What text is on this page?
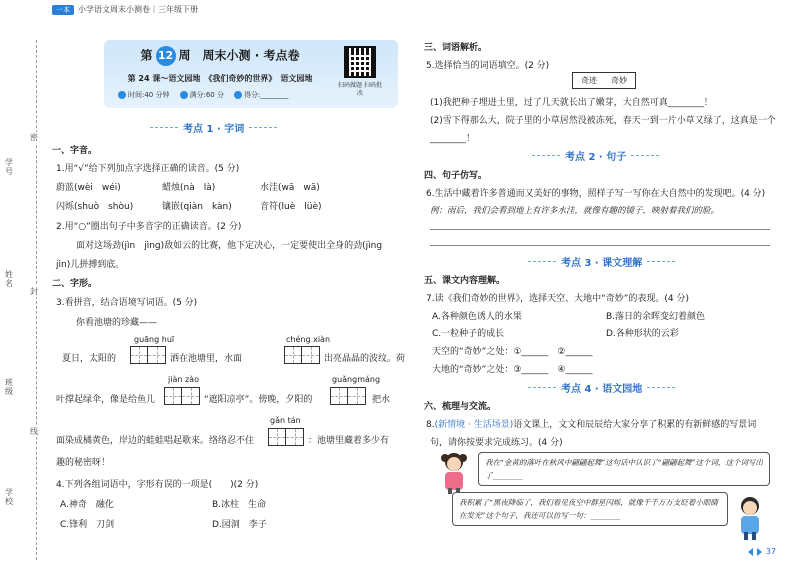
学号
姓名
班级
学校
密
封
线
一本	小学语文周末小测卷｜三年级下册
第 12 周　周末小测 · 考点卷
第 24 课～语文园地　《我们奇妙的世界》　语文园地
时间:40 分钟	满分:60 分	得分:________
扫码做题 扫码批改
考点 1 · 字词
一、字音。
1.用“√”给下列加点字选择正确的读音。(5 分)
蔚蓝(wèi　wéi)	蜡烛(nà　là)	水洼(wā　wā)
闪烁(shuò　shòu)	镶嵌(qiàn　kàn)	音符(luè　lüè)
2.用“○”圈出句子中多音字的正确读音。(2 分)
面对这场劲(jìn　jìng)敌如云的比赛，他下定决心，一定要使出全身的劲(jìng
jìn)儿拼搏到底。
二、字形。
3.看拼音，结合语境写词语。(5 分)
你看池塘的珍藏——
guāng huī	chéng xiàn
夏日，太阳的	洒在池塘里，水面	出亮晶晶的波纹。荷
jiàn zào	guǎngmáng
叶撑起绿伞，像是给鱼儿	“遮阳凉亭”。傍晚，夕阳的	把水
gǎn tán
面染成橘黄色，岸边的蛙蛙唱起歌来。络络忍不住	：池塘里藏着多少有
趣的秘密呀！
4.下列各组词语中，字形有误的一项是(　　)(2 分)
A.神奇　融化	B.冰柱　生命
C.锋利　刀剑	D.园洞　李子
三、词语解析。
5.选择恰当的词语填空。(2 分)
奇迹 奇妙
(1)我把种子埋进土里，过了几天就长出了嫩芽，大自然可真________！
(2)雪下得那么大，院子里的小草居然没被冻死，春天一到一片小草又绿了，这真是一个
________！
考点 2 · 句子
四、句子仿写。
6.生活中藏着许多普通而又美好的事物，照样子写一写你在大自然中的发现吧。(4 分)
例：雨后，我们会看到地上有许多水洼，就像有趣的镜子，映射着我们的脸。
考点 3 · 课文理解
五、课文内容理解。
7.读《我们奇妙的世界》，选择天空、大地中“奇妙”的表现。(4 分)
A.各种颜色诱人的水果	B.落日的余晖变幻着颜色
C.一粒种子的成长	D.各种形状的云彩
天空的“奇妙”之处：①______　②______
大地的“奇妙”之处：③______　④______
考点 4 · 语文园地
六、梳理与交流。
8.(新情境 · 生活场景)语文课上，文文和辰辰给大家分享了积累的有新鲜感的写景词
句，请你按要求完成练习。(4 分)
我在“金黄的落叶在秋风中翩翩起舞”这句话中认识了“翩翩起舞”这个词，这个词写出了________
我积累了“黑夜降临了，我们看见夜空中群星闪烁，就像千千万万支眨着小眼睛在发光”这个句子，我还可以仿写一句：________
37
